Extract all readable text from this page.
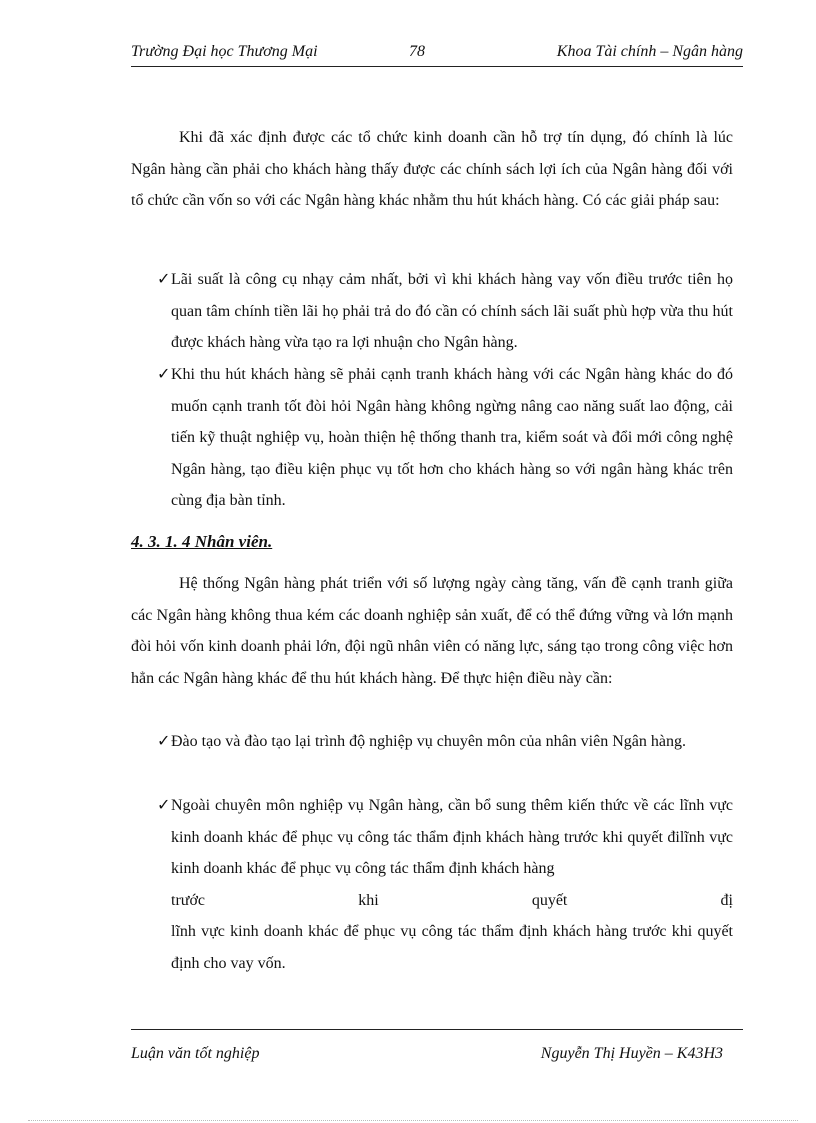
Trường Đại học Thương Mại	78	Khoa Tài chính – Ngân hàng

Khi đã xác định được các tổ chức kinh doanh cần hỗ trợ tín dụng, đó chính là lúc Ngân hàng cần phải cho khách hàng thấy được các chính sách lợi ích của Ngân hàng đối với tổ chức cần vốn so với các Ngân hàng khác nhằm thu hút khách hàng. Có các giải pháp sau:

✓ Lãi suất là công cụ nhạy cảm nhất, bởi vì khi khách hàng vay vốn điều trước tiên họ quan tâm chính tiền lãi họ phải trả do đó cần có chính sách lãi suất phù hợp vừa thu hút được khách hàng vừa tạo ra lợi nhuận cho Ngân hàng.
✓ Khi thu hút khách hàng sẽ phải cạnh tranh khách hàng với các Ngân hàng khác do đó muốn cạnh tranh tốt đòi hỏi Ngân hàng không ngừng nâng cao năng suất lao động, cải tiến kỹ thuật nghiệp vụ, hoàn thiện hệ thống thanh tra, kiểm soát và đổi mới công nghệ Ngân hàng, tạo điều kiện phục vụ tốt hơn cho khách hàng so với ngân hàng khác trên cùng địa bàn tỉnh.
4. 3. 1. 4 Nhân viên.

Hệ thống Ngân hàng phát triển với số lượng ngày càng tăng, vấn đề cạnh tranh giữa các Ngân hàng không thua kém các doanh nghiệp sản xuất, để có thể đứng vững và lớn mạnh đòi hỏi vốn kinh doanh phải lớn, đội ngũ nhân viên có năng lực, sáng tạo trong công việc hơn hẳn các Ngân hàng khác để thu hút khách hàng. Để thực hiện điều này cần:

✓ Đào tạo và đào tạo lại trình độ nghiệp vụ chuyên môn của nhân viên Ngân hàng.
✓ Ngoài chuyên môn nghiệp vụ Ngân hàng, cần bổ sung thêm kiến thức về các lĩnh vực kinh doanh khác để phục vụ công tác thẩm định khách hàng trước khi quyết đilĩnh vực kinh doanh khác để phục vụ công tác thẩm định khách hàng
trước	khi	quyết	đị
lĩnh vực kinh doanh khác để phục vụ công tác thẩm định khách hàng trước khi quyết định cho vay vốn.
Luận văn tốt nghiệp	Nguyễn Thị Huyền – K43H3
